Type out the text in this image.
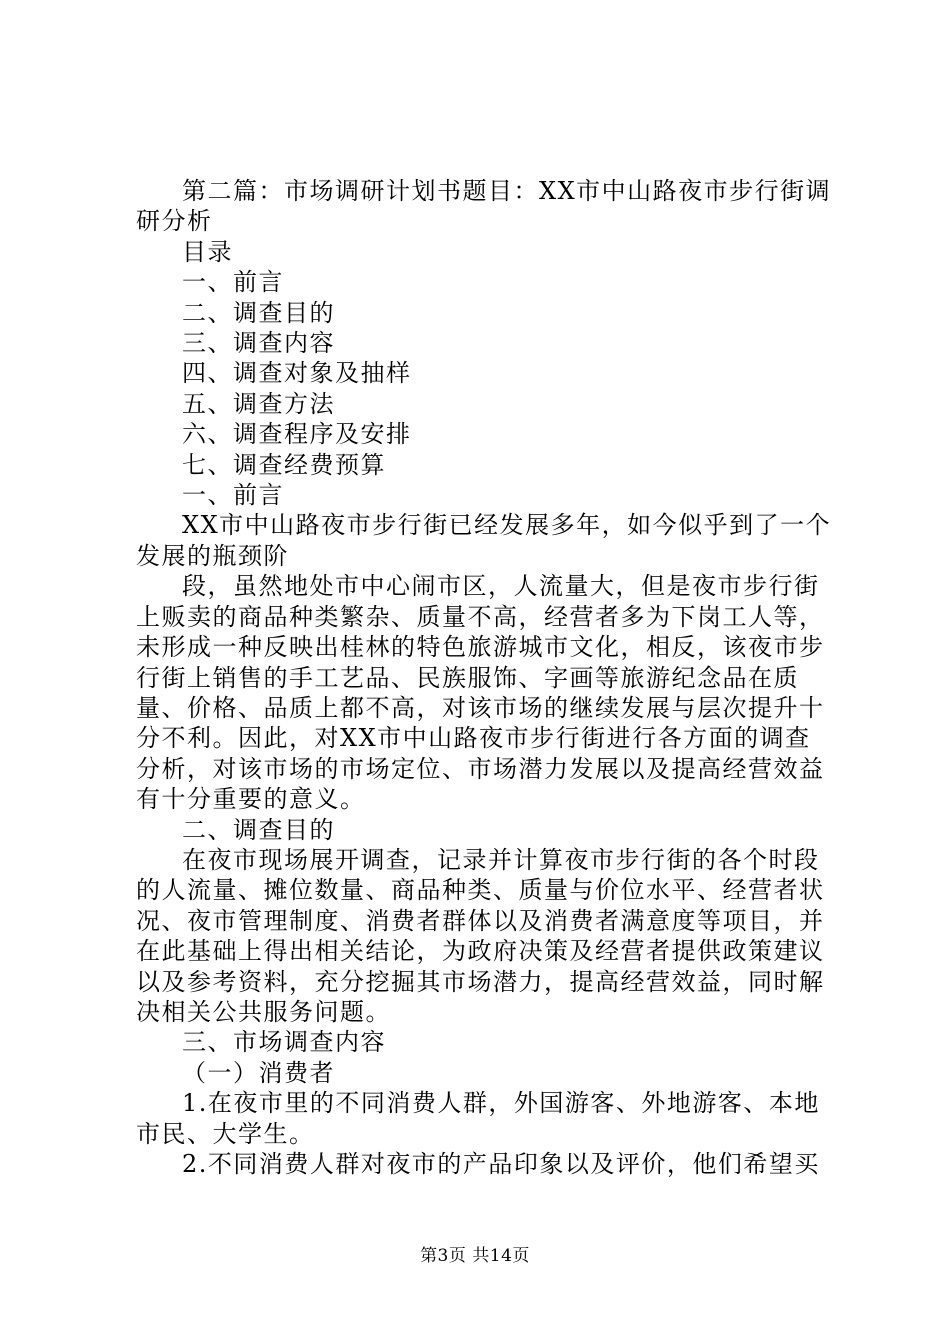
第二篇：市场调研计划书题目：XX市中山路夜市步行街调研分析

目录

一、前言

二、调查目的

三、调查内容

四、调查对象及抽样

五、调查方法

六、调查程序及安排

七、调查经费预算

一、前言

XX市中山路夜市步行街已经发展多年，如今似乎到了一个发展的瓶颈阶

段，虽然地处市中心闹市区，人流量大，但是夜市步行街上贩卖的商品种类繁杂、质量不高，经营者多为下岗工人等，未形成一种反映出桂林的特色旅游城市文化，相反，该夜市步行街上销售的手工艺品、民族服饰、字画等旅游纪念品在质量、价格、品质上都不高，对该市场的继续发展与层次提升十分不利。因此，对XX市中山路夜市步行街进行各方面的调查分析，对该市场的市场定位、市场潜力发展以及提高经营效益有十分重要的意义。

二、调查目的

在夜市现场展开调查，记录并计算夜市步行街的各个时段的人流量、摊位数量、商品种类、质量与价位水平、经营者状况、夜市管理制度、消费者群体以及消费者满意度等项目，并在此基础上得出相关结论，为政府决策及经营者提供政策建议以及参考资料，充分挖掘其市场潜力，提高经营效益，同时解决相关公共服务问题。

三、市场调查内容

（一）消费者

1.在夜市里的不同消费人群，外国游客、外地游客、本地市民、大学生。

2.不同消费人群对夜市的产品印象以及评价，他们希望买

第3页 共14页
